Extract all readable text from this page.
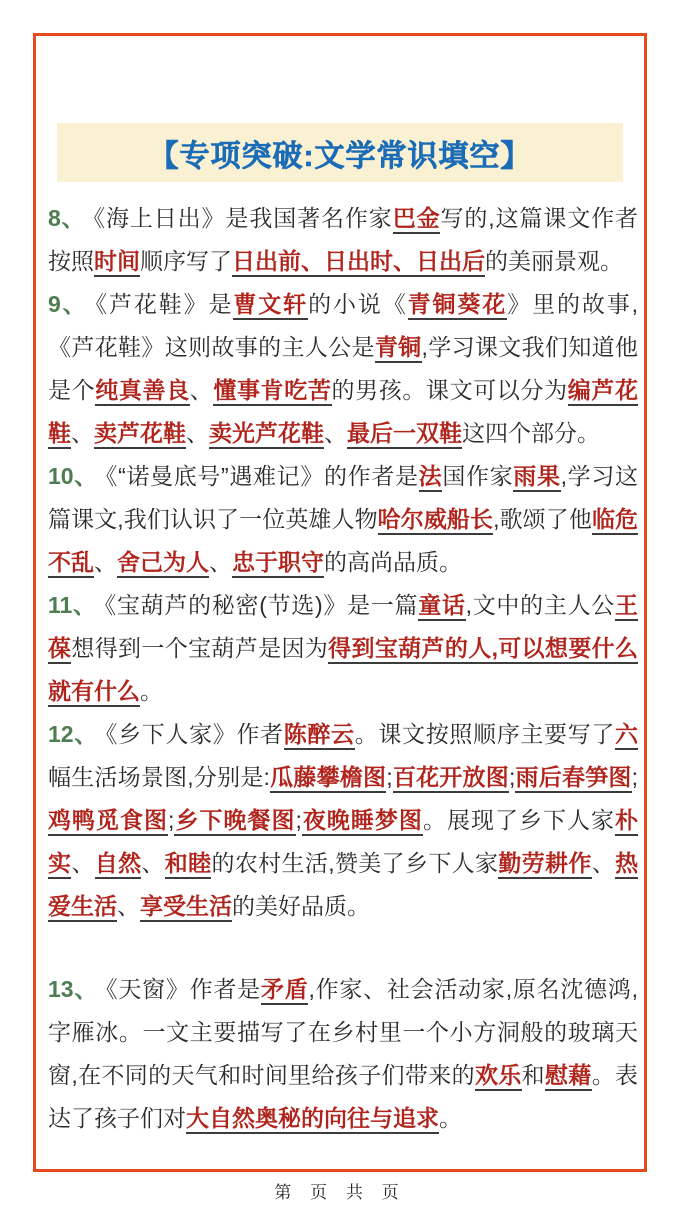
【专项突破:文学常识填空】

8、 《海上日出》是我国著名作家巴金写的,这篇课文作者按照时间顺序写了日出前、日出时、日出后的美丽景观。

9、 《芦花鞋》是曹文轩的小说《青铜葵花》里的故事,《芦花鞋》这则故事的主人公是青铜,学习课文我们知道他是个纯真善良、懂事肯吃苦的男孩。课文可以分为编芦花鞋、卖芦花鞋、卖光芦花鞋、最后一双鞋这四个部分。

10、 《“诺曼底号”遇难记》的作者是法国作家雨果,学习这篇课文,我们认识了一位英雄人物哈尔威船长,歌颂了他临危不乱、舍己为人、忠于职守的高尚品质。

11、 《宝葫芦的秘密(节选)》是一篇童话,文中的主人公王葆想得到一个宝葫芦是因为得到宝葫芦的人,可以想要什么就有什么。

12、 《乡下人家》作者陈醉云。课文按照顺序主要写了六幅生活场景图,分别是:瓜藤攀檐图;百花开放图;雨后春笋图;鸡鸭觅食图;乡下晚餐图;夜晚睡梦图。展现了乡下人家朴实、自然、和睦的农村生活,赞美了乡下人家勤劳耕作、热爱生活、享受生活的美好品质。

13、 《天窗》作者是矛盾,作家、社会活动家,原名沈德鸿,字雁冰。一文主要描写了在乡村里一个小方洞般的玻璃天窗,在不同的天气和时间里给孩子们带来的欢乐和慰藉。表达了孩子们对大自然奥秘的向往与追求。

第 页 共 页
